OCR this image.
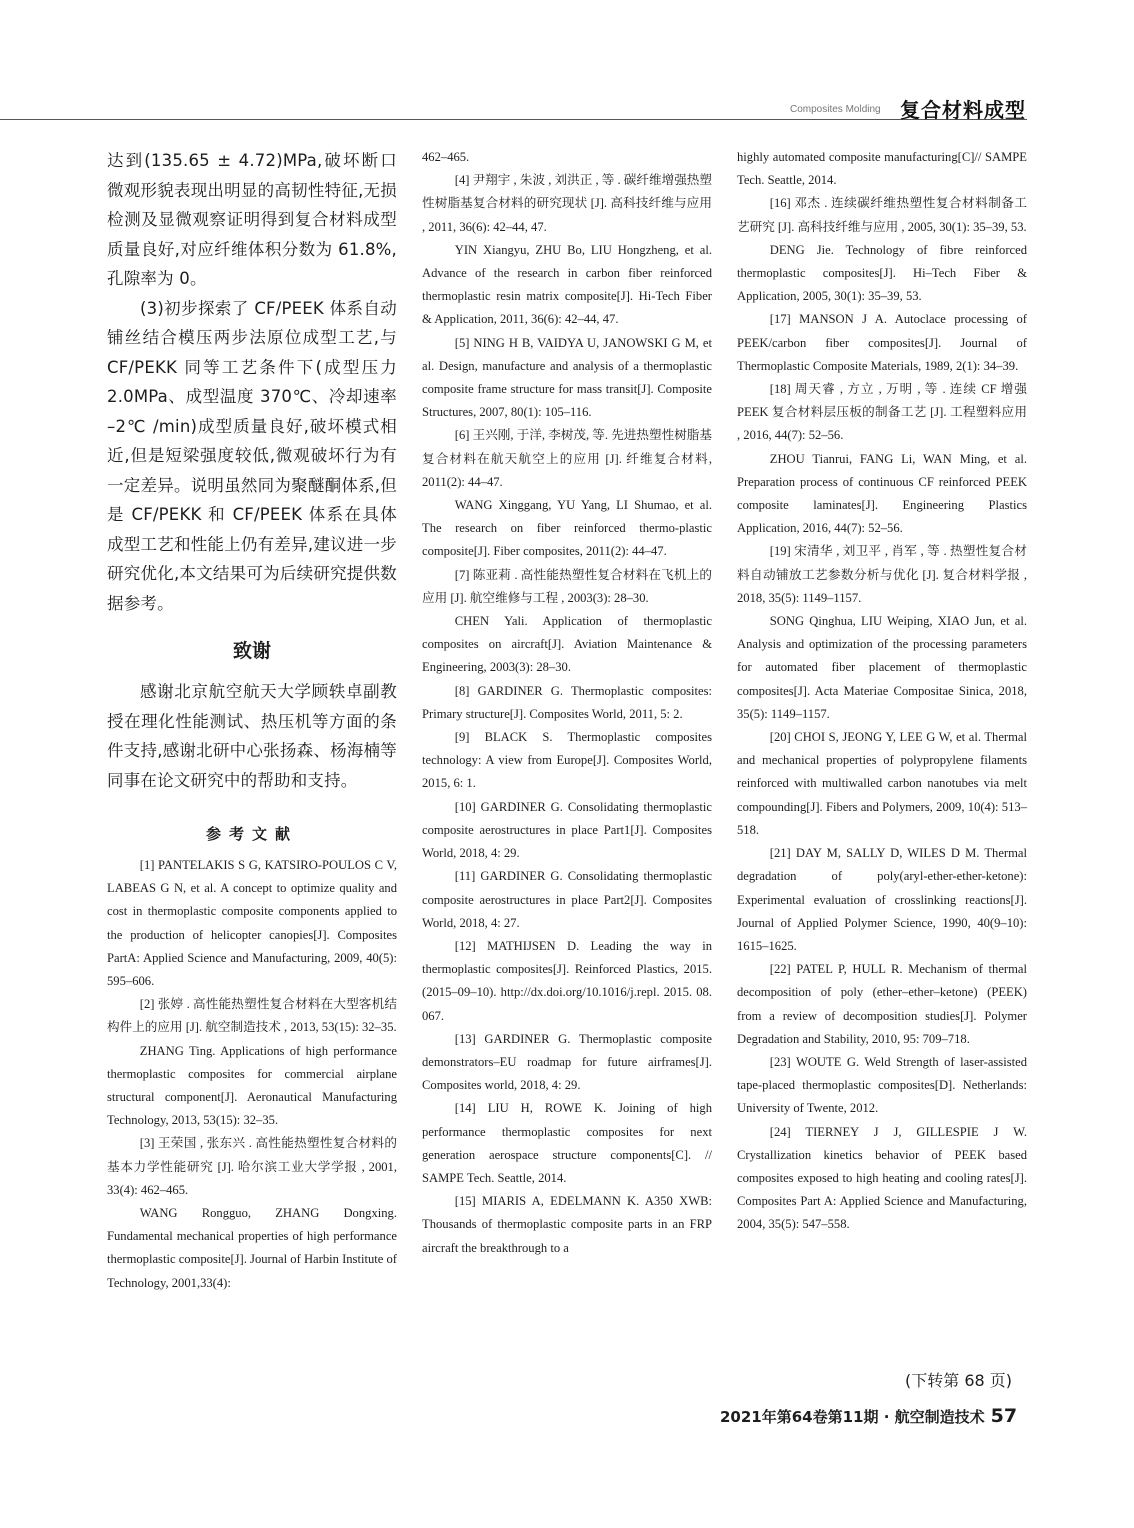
Composites Molding 复合材料成型

达到(135.65 ± 4.72)MPa,破坏断口微观形貌表现出明显的高韧性特征,无损检测及显微观察证明得到复合材料成型质量良好,对应纤维体积分数为 61.8%,孔隙率为 0。

(3)初步探索了 CF/PEEK 体系自动铺丝结合模压两步法原位成型工艺,与 CF/PEKK 同等工艺条件下(成型压力 2.0MPa、成型温度 370℃、冷却速率 –2℃ /min)成型质量良好,破坏模式相近,但是短梁强度较低,微观破坏行为有一定差异。说明虽然同为聚醚酮体系,但是 CF/PEKK 和 CF/PEEK 体系在具体成型工艺和性能上仍有差异,建议进一步研究优化,本文结果可为后续研究提供数据参考。

致谢

感谢北京航空航天大学顾轶卓副教授在理化性能测试、热压机等方面的条件支持,感谢北研中心张扬森、杨海楠等同事在论文研究中的帮助和支持。

参考文献

[1] PANTELAKIS S G, KATSIRO-POULOS C V, LABEAS G N, et al. A concept to optimize quality and cost in thermoplastic composite components applied to the production of helicopter canopies[J]. Composites PartA: Applied Science and Manufacturing, 2009, 40(5): 595–606.

[2] 张婷 . 高性能热塑性复合材料在大型客机结构件上的应用 [J]. 航空制造技术 , 2013, 53(15): 32–35.

ZHANG Ting. Applications of high performance thermoplastic composites for commercial airplane structural component[J]. Aeronautical Manufacturing Technology, 2013, 53(15): 32–35.

[3] 王荣国 , 张东兴 . 高性能热塑性复合材料的基本力学性能研究 [J]. 哈尔滨工业大学学报 , 2001, 33(4): 462–465.

WANG Rongguo, ZHANG Dongxing. Fundamental mechanical properties of high performance thermoplastic composite[J]. Journal of Harbin Institute of Technology, 2001,33(4):

462–465.

[4] 尹翔宇 , 朱波 , 刘洪正 , 等 . 碳纤维增强热塑性树脂基复合材料的研究现状 [J]. 高科技纤维与应用 , 2011, 36(6): 42–44, 47.

YIN Xiangyu, ZHU Bo, LIU Hongzheng, et al. Advance of the research in carbon fiber reinforced thermoplastic resin matrix composite[J]. Hi-Tech Fiber & Application, 2011, 36(6): 42–44, 47.

[5] NING H B, VAIDYA U, JANOWSKI G M, et al. Design, manufacture and analysis of a thermoplastic composite frame structure for mass transit[J]. Composite Structures, 2007, 80(1): 105–116.

[6] 王兴刚, 于洋, 李树茂, 等. 先进热塑性树脂基复合材料在航天航空上的应用 [J]. 纤维复合材料, 2011(2): 44–47.

WANG Xinggang, YU Yang, LI Shumao, et al. The research on fiber reinforced thermo-plastic composite[J]. Fiber composites, 2011(2): 44–47.

[7] 陈亚莉 . 高性能热塑性复合材料在飞机上的应用 [J]. 航空维修与工程 , 2003(3): 28–30.

CHEN Yali. Application of thermoplastic composites on aircraft[J]. Aviation Maintenance & Engineering, 2003(3): 28–30.

[8] GARDINER G. Thermoplastic composites: Primary structure[J]. Composites World, 2011, 5: 2.

[9] BLACK S. Thermoplastic composites technology: A view from Europe[J]. Composites World, 2015, 6: 1.

[10] GARDINER G. Consolidating thermoplastic composite aerostructures in place Part1[J]. Composites World, 2018, 4: 29.

[11] GARDINER G. Consolidating thermoplastic composite aerostructures in place Part2[J]. Composites World, 2018, 4: 27.

[12] MATHIJSEN D. Leading the way in thermoplastic composites[J]. Reinforced Plastics, 2015.(2015–09–10). http://dx.doi.org/10.1016/j.repl. 2015. 08. 067.

[13] GARDINER G. Thermoplastic composite demonstrators–EU roadmap for future airframes[J]. Composites world, 2018, 4: 29.

[14] LIU H, ROWE K. Joining of high performance thermoplastic composites for next generation aerospace structure components[C]. // SAMPE Tech. Seattle, 2014.

[15] MIARIS A, EDELMANN K. A350 XWB: Thousands of thermoplastic composite parts in an FRP aircraft the breakthrough to a

highly automated composite manufacturing[C]// SAMPE Tech. Seattle, 2014.

[16] 邓杰 . 连续碳纤维热塑性复合材料制备工艺研究 [J]. 高科技纤维与应用 , 2005, 30(1): 35–39, 53.

DENG Jie. Technology of fibre reinforced thermoplastic composites[J]. Hi–Tech Fiber & Application, 2005, 30(1): 35–39, 53.

[17] MANSON J A. Autoclace processing of PEEK/carbon fiber composites[J]. Journal of Thermoplastic Composite Materials, 1989, 2(1): 34–39.

[18] 周天睿 , 方立 , 万明 , 等 . 连续 CF 增强 PEEK 复合材料层压板的制备工艺 [J]. 工程塑料应用 , 2016, 44(7): 52–56.

ZHOU Tianrui, FANG Li, WAN Ming, et al. Preparation process of continuous CF reinforced PEEK composite laminates[J]. Engineering Plastics Application, 2016, 44(7): 52–56.

[19] 宋清华 , 刘卫平 , 肖军 , 等 . 热塑性复合材料自动铺放工艺参数分析与优化 [J]. 复合材料学报 , 2018, 35(5): 1149–1157.

SONG Qinghua, LIU Weiping, XIAO Jun, et al. Analysis and optimization of the processing parameters for automated fiber placement of thermoplastic composites[J]. Acta Materiae Compositae Sinica, 2018, 35(5): 1149–1157.

[20] CHOI S, JEONG Y, LEE G W, et al. Thermal and mechanical properties of polypropylene filaments reinforced with multiwalled carbon nanotubes via melt compounding[J]. Fibers and Polymers, 2009, 10(4): 513–518.

[21] DAY M, SALLY D, WILES D M. Thermal degradation of poly(aryl-ether-ether-ketone): Experimental evaluation of crosslinking reactions[J]. Journal of Applied Polymer Science, 1990, 40(9–10): 1615–1625.

[22] PATEL P, HULL R. Mechanism of thermal decomposition of poly (ether–ether–ketone) (PEEK) from a review of decomposition studies[J]. Polymer Degradation and Stability, 2010, 95: 709–718.

[23] WOUTE G. Weld Strength of laser-assisted tape-placed thermoplastic composites[D]. Netherlands: University of Twente, 2012.

[24] TIERNEY J J, GILLESPIE J W. Crystallization kinetics behavior of PEEK based composites exposed to high heating and cooling rates[J]. Composites Part A: Applied Science and Manufacturing, 2004, 35(5): 547–558.

(下转第 68 页)
2021年第64卷第11期 · 航空制造技术 57
